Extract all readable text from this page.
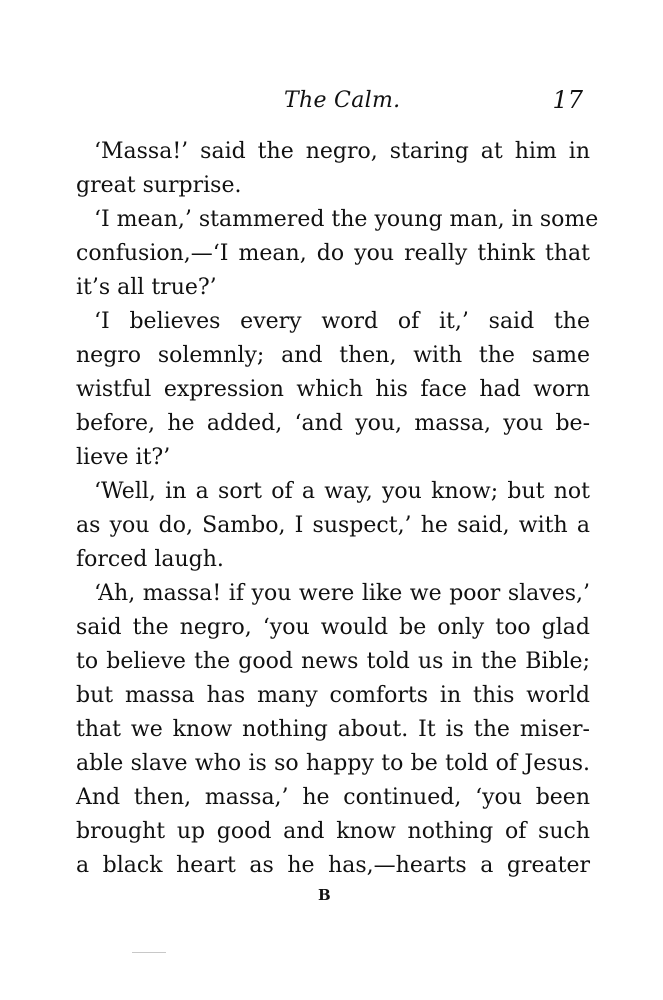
The Calm.	17
‘Massa!’ said the negro, staring at him in
great surprise.
‘I mean,’ stammered the young man, in some
confusion,—‘I mean, do you really think that
it’s all true?’
‘I believes every word of it,’ said the
negro solemnly; and then, with the same
wistful expression which his face had worn
before, he added, ‘and you, massa, you be-
lieve it?’
‘Well, in a sort of a way, you know; but not
as you do, Sambo, I suspect,’ he said, with a
forced laugh.
‘Ah, massa! if you were like we poor slaves,’
said the negro, ‘you would be only too glad
to believe the good news told us in the Bible;
but massa has many comforts in this world
that we know nothing about. It is the miser-
able slave who is so happy to be told of Jesus.
And then, massa,’ he continued, ‘you been
brought up good and know nothing of such
a black heart as he has,—hearts a greater
B
